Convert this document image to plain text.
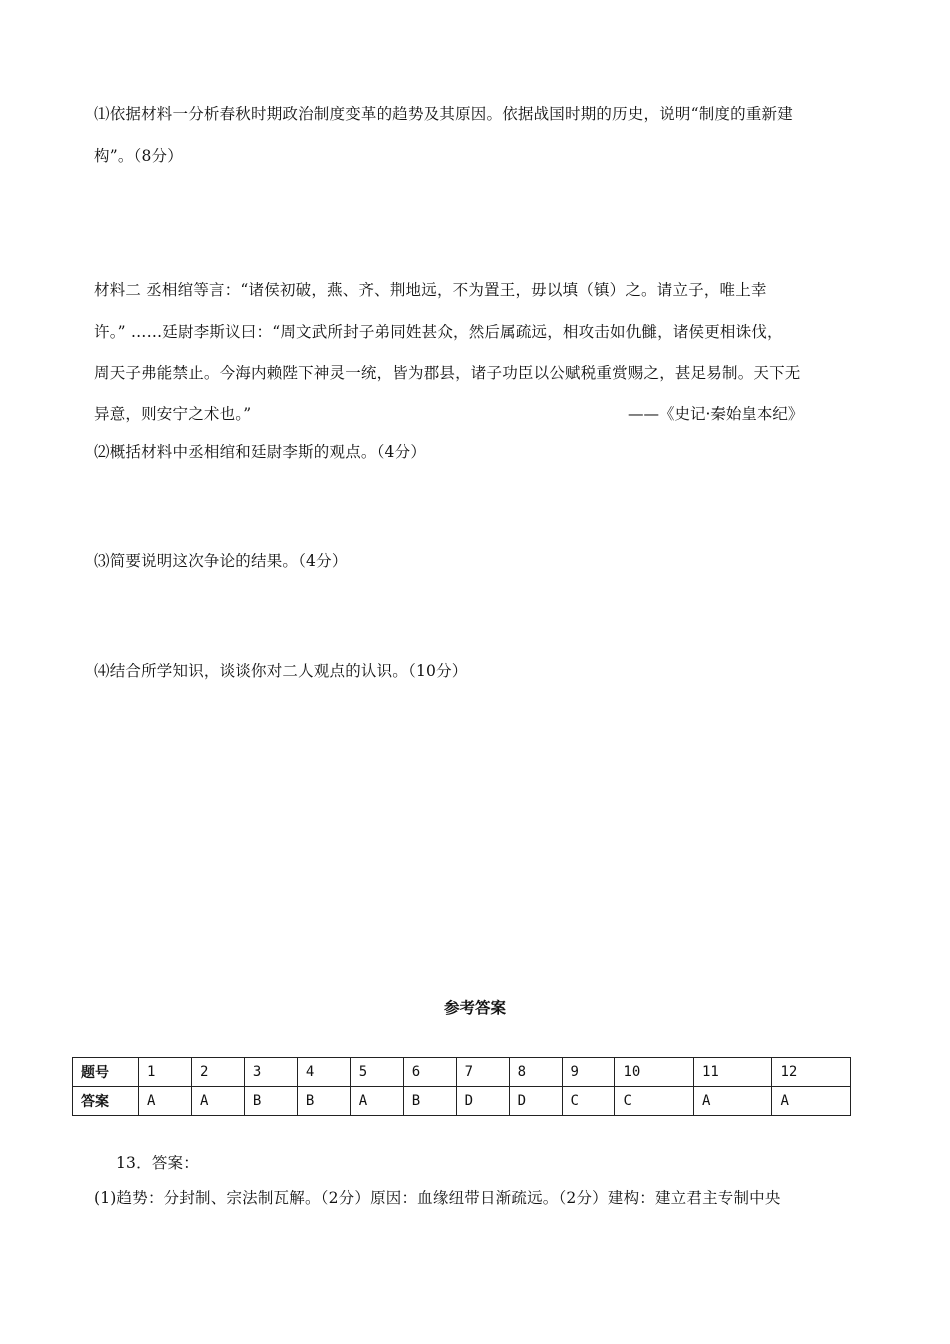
⑴依据材料一分析春秋时期政治制度变革的趋势及其原因。依据战国时期的历史，说明“制度的重新建
构”。（8分）
材料二 丞相绾等言：“诸侯初破，燕、齐、荆地远，不为置王，毋以填（镇）之。请立子，唯上幸
许。” ……廷尉李斯议曰：“周文武所封子弟同姓甚众，然后属疏远，相攻击如仇雠，诸侯更相诛伐，
周天子弗能禁止。今海内赖陛下神灵一统，皆为郡县，诸子功臣以公赋税重赏赐之，甚足易制。天下无
异意，则安宁之术也。”	——《史记·秦始皇本纪》
⑵概括材料中丞相绾和廷尉李斯的观点。（4分）
⑶简要说明这次争论的结果。（4分）
⑷结合所学知识，谈谈你对二人观点的认识。（10分）
参考答案
题号	1	2	3	4	5	6	7	8	9	10	11	12
答案	A	A	B	B	A	B	D	D	C	C	A	A
13．答案：
(1)趋势：分封制、宗法制瓦解。（2分）原因：血缘纽带日渐疏远。（2分）建构：建立君主专制中央
